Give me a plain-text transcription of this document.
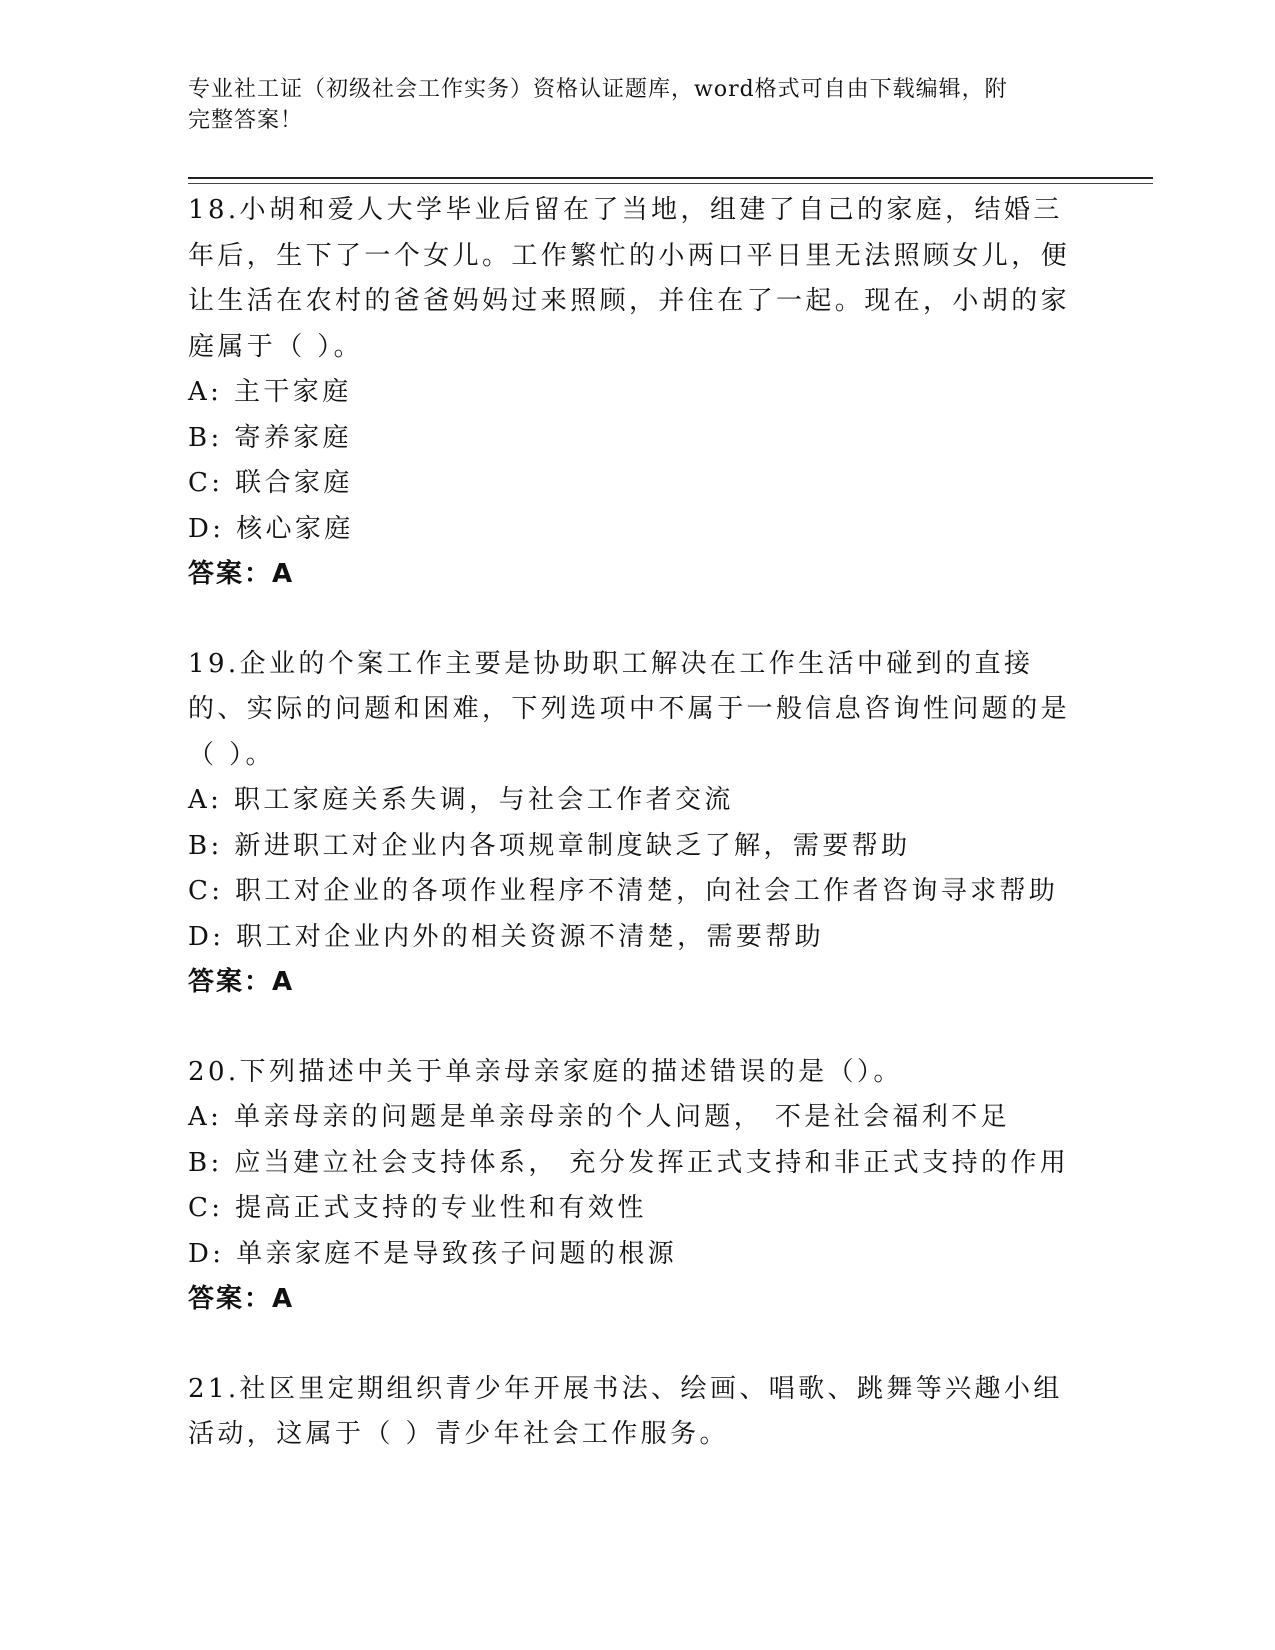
专业社工证（初级社会工作实务）资格认证题库，word格式可自由下载编辑，附
完整答案！

18.小胡和爱人大学毕业后留在了当地，组建了自己的家庭，结婚三年后，生下了一个女儿。工作繁忙的小两口平日里无法照顾女儿，便让生活在农村的爸爸妈妈过来照顾，并住在了一起。现在，小胡的家庭属于（ ）。

A: 主干家庭

B: 寄养家庭

C: 联合家庭

D: 核心家庭

答案：A

19.企业的个案工作主要是协助职工解决在工作生活中碰到的直接的、实际的问题和困难，下列选项中不属于一般信息咨询性问题的是（ ）。

A: 职工家庭关系失调，与社会工作者交流

B: 新进职工对企业内各项规章制度缺乏了解，需要帮助

C: 职工对企业的各项作业程序不清楚，向社会工作者咨询寻求帮助

D: 职工对企业内外的相关资源不清楚，需要帮助

答案：A

20.下列描述中关于单亲母亲家庭的描述错误的是（）。

A: 单亲母亲的问题是单亲母亲的个人问题， 不是社会福利不足

B: 应当建立社会支持体系， 充分发挥正式支持和非正式支持的作用

C: 提高正式支持的专业性和有效性

D: 单亲家庭不是导致孩子问题的根源

答案：A

21.社区里定期组织青少年开展书法、绘画、唱歌、跳舞等兴趣小组活动，这属于（ ）青少年社会工作服务。
